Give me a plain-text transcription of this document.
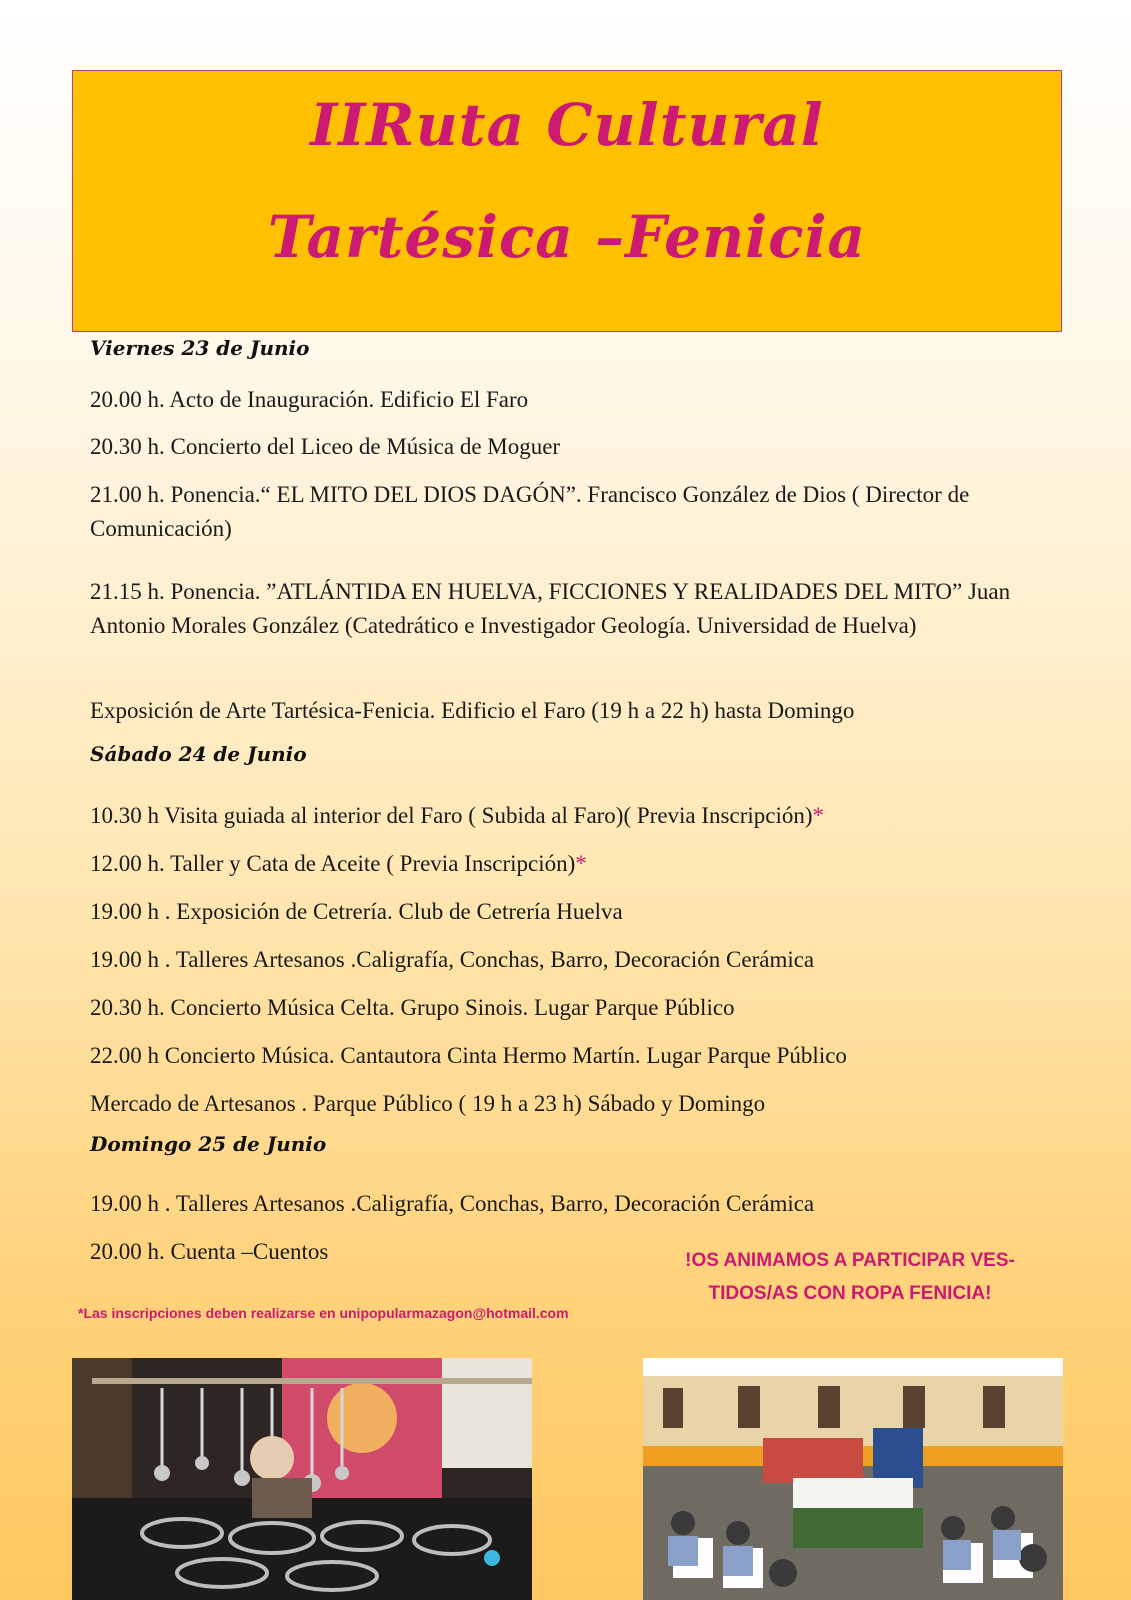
IIRuta Cultural
Tartésica –Fenicia
Viernes 23 de Junio
20.00 h. Acto de Inauguración. Edificio El Faro
20.30 h. Concierto del Liceo de Música de Moguer
21.00 h. Ponencia.“ EL MITO DEL DIOS DAGÓN”. Francisco González de Dios ( Director de Comunicación)
21.15 h. Ponencia. ”ATLÁNTIDA EN HUELVA, FICCIONES Y REALIDADES DEL MITO” Juan Antonio Morales González (Catedrático e Investigador Geología. Universidad de Huelva)
Exposición de Arte Tartésica-Fenicia. Edificio el Faro (19 h a 22 h) hasta Domingo
Sábado 24 de Junio
10.30 h Visita guiada al interior del Faro ( Subida al Faro)( Previa Inscripción)*
12.00 h. Taller y Cata de Aceite ( Previa Inscripción)*
19.00 h . Exposición de Cetrería. Club de Cetrería Huelva
19.00 h . Talleres Artesanos .Caligrafía, Conchas, Barro, Decoración Cerámica
20.30 h. Concierto Música Celta. Grupo Sinois. Lugar Parque Público
22.00 h Concierto Música. Cantautora Cinta Hermo Martín. Lugar Parque Público
Mercado de Artesanos . Parque Público ( 19 h a 23 h) Sábado y Domingo
Domingo 25 de Junio
19.00 h . Talleres Artesanos .Caligrafía, Conchas, Barro, Decoración Cerámica
20.00 h. Cuenta –Cuentos	!OS ANIMAMOS A PARTICIPAR VES-
TIDOS/AS CON ROPA FENICIA!
*Las inscripciones deben realizarse en unipopularmazagon@hotmail.com
